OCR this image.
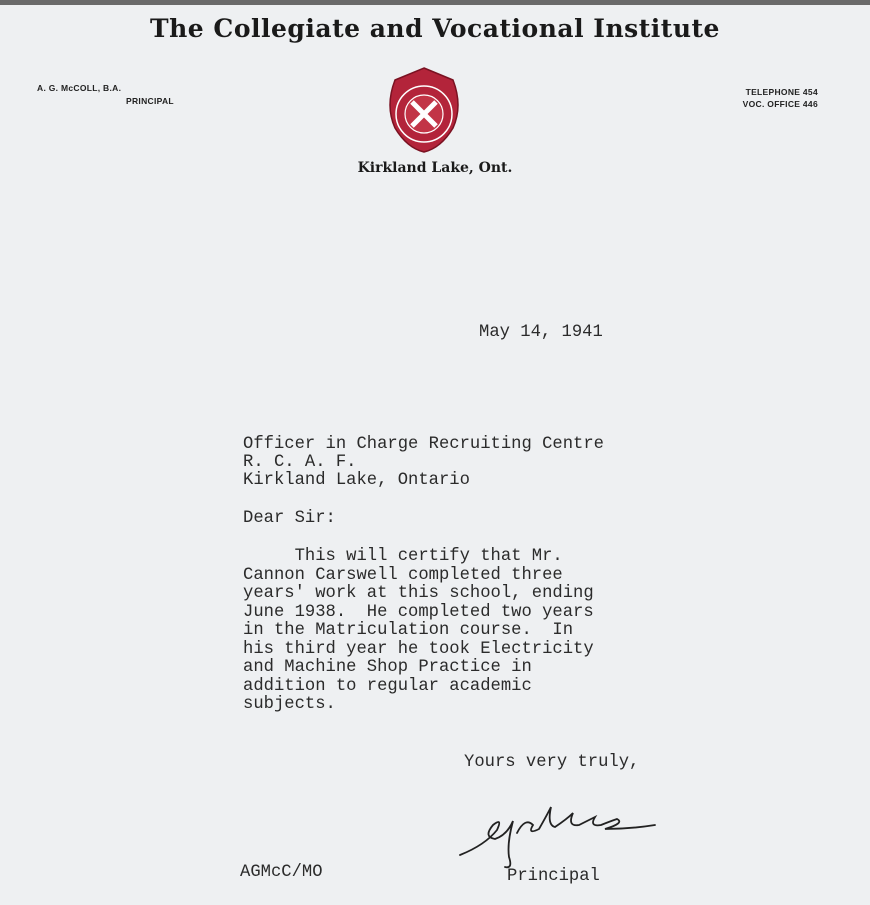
The Collegiate and Vocational Institute
A. G. McCOLL, B.A.
PRINCIPAL
TELEPHONE 454
VOC. OFFICE 446
Kirkland Lake, Ont.
May 14, 1941
Officer in Charge Recruiting Centre
R. C. A. F.
Kirkland Lake, Ontario
Dear Sir:
This will certify that Mr.
Cannon Carswell completed three
years' work at this school, ending
June 1938.  He completed two years
in the Matriculation course.  In
his third year he took Electricity
and Machine Shop Practice in
addition to regular academic
subjects.
Yours very truly,
AGMcC/MO	Principal
